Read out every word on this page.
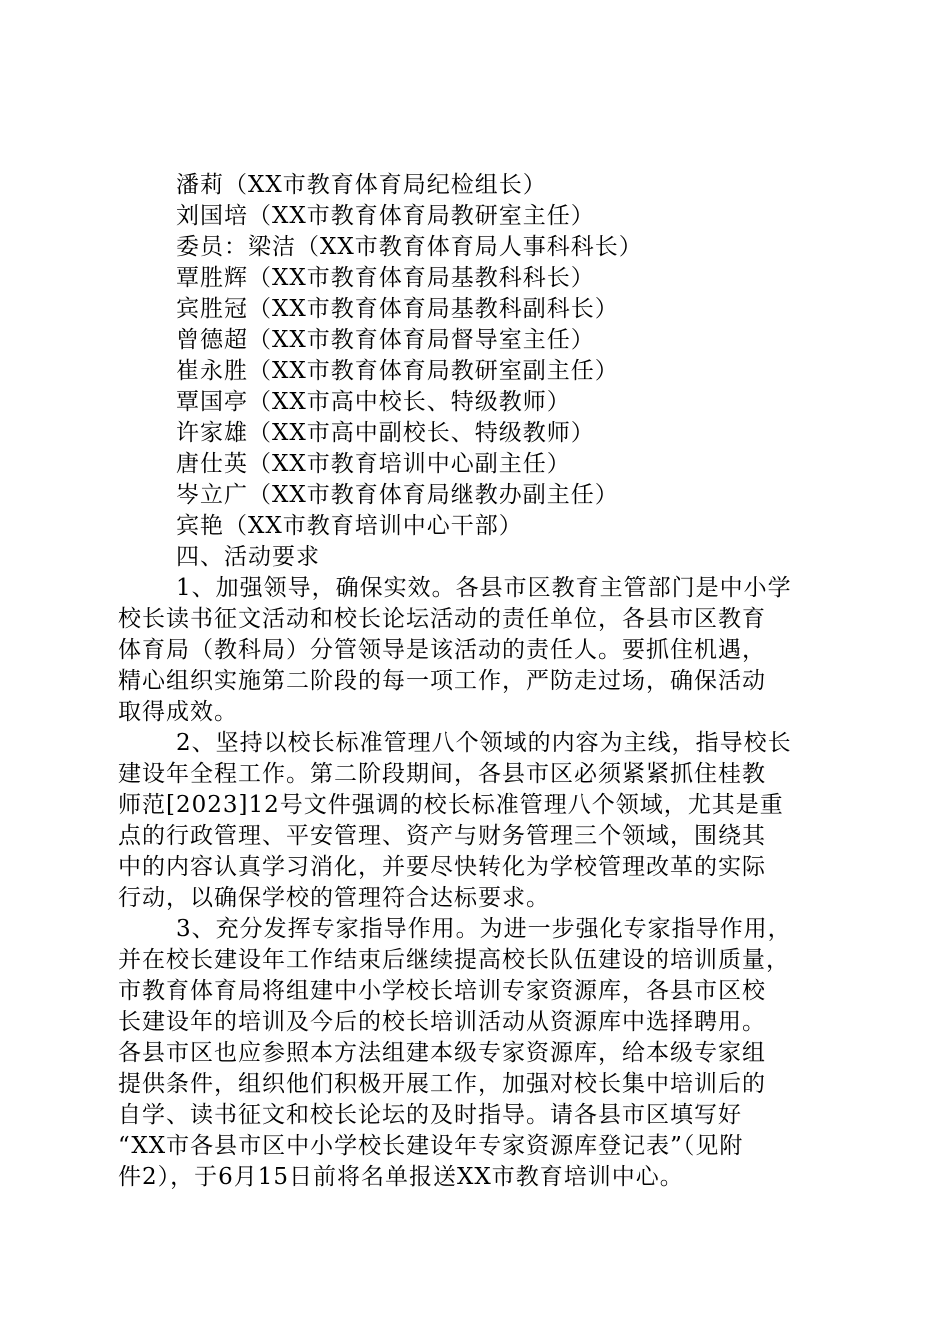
潘莉（XX市教育体育局纪检组长）
刘国培（XX市教育体育局教研室主任）
委员：梁洁（XX市教育体育局人事科科长）
覃胜辉（XX市教育体育局基教科科长）
宾胜冠（XX市教育体育局基教科副科长）
曾德超（XX市教育体育局督导室主任）
崔永胜（XX市教育体育局教研室副主任）
覃国亭（XX市高中校长、特级教师）
许家雄（XX市高中副校长、特级教师）
唐仕英（XX市教育培训中心副主任）
岑立广（XX市教育体育局继教办副主任）
宾艳（XX市教育培训中心干部）
四、活动要求
1、加强领导，确保实效。各县市区教育主管部门是中小学
校长读书征文活动和校长论坛活动的责任单位，各县市区教育
体育局（教科局）分管领导是该活动的责任人。要抓住机遇，
精心组织实施第二阶段的每一项工作，严防走过场，确保活动
取得成效。
2、坚持以校长标准管理八个领域的内容为主线，指导校长
建设年全程工作。第二阶段期间，各县市区必须紧紧抓住桂教
师范[2023]12号文件强调的校长标准管理八个领域，尤其是重
点的行政管理、平安管理、资产与财务管理三个领域，围绕其
中的内容认真学习消化，并要尽快转化为学校管理改革的实际
行动，以确保学校的管理符合达标要求。
3、充分发挥专家指导作用。为进一步强化专家指导作用，
并在校长建设年工作结束后继续提高校长队伍建设的培训质量，
市教育体育局将组建中小学校长培训专家资源库，各县市区校
长建设年的培训及今后的校长培训活动从资源库中选择聘用。
各县市区也应参照本方法组建本级专家资源库，给本级专家组
提供条件，组织他们积极开展工作，加强对校长集中培训后的
自学、读书征文和校长论坛的及时指导。请各县市区填写好
“XX市各县市区中小学校长建设年专家资源库登记表”（见附
件2），于6月15日前将名单报送XX市教育培训中心。
